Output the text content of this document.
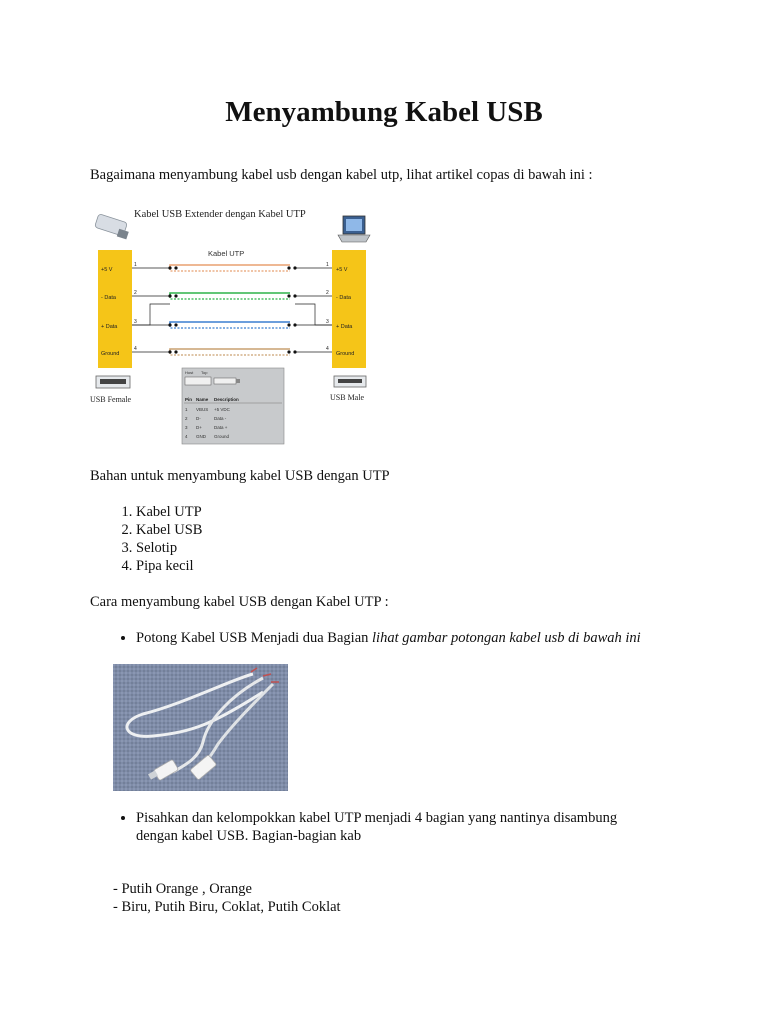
Menyambung Kabel USB

Bagaimana menyambung kabel usb dengan kabel utp, lihat artikel copas di bawah ini :

Kabel USB Extender dengan Kabel UTP
Kabel UTP
+5 V	+5 V
1	1
- Data	- Data
2	2
+ Data	+ Data
3	3
Ground	Ground
4	4
USB Female	USB Male
Host Top
Pin Name Description
1 VBUS +5 VDC
2 D-	Data -
3 D+	Data +
4 GND Ground

Bahan untuk menyambung kabel USB dengan UTP

1. Kabel UTP
2. Kabel USB
3. Selotip
4. Pipa kecil

Cara menyambung kabel USB dengan Kabel UTP :

• Potong Kabel USB Menjadi dua Bagian lihat gambar potongan kabel usb di bawah ini
• Pisahkan dan kelompokkan kabel UTP menjadi 4 bagian yang nantinya disambung
dengan kabel USB. Bagian-bagian kab

- Putih Orange , Orange

- Biru, Putih Biru, Coklat, Putih Coklat
